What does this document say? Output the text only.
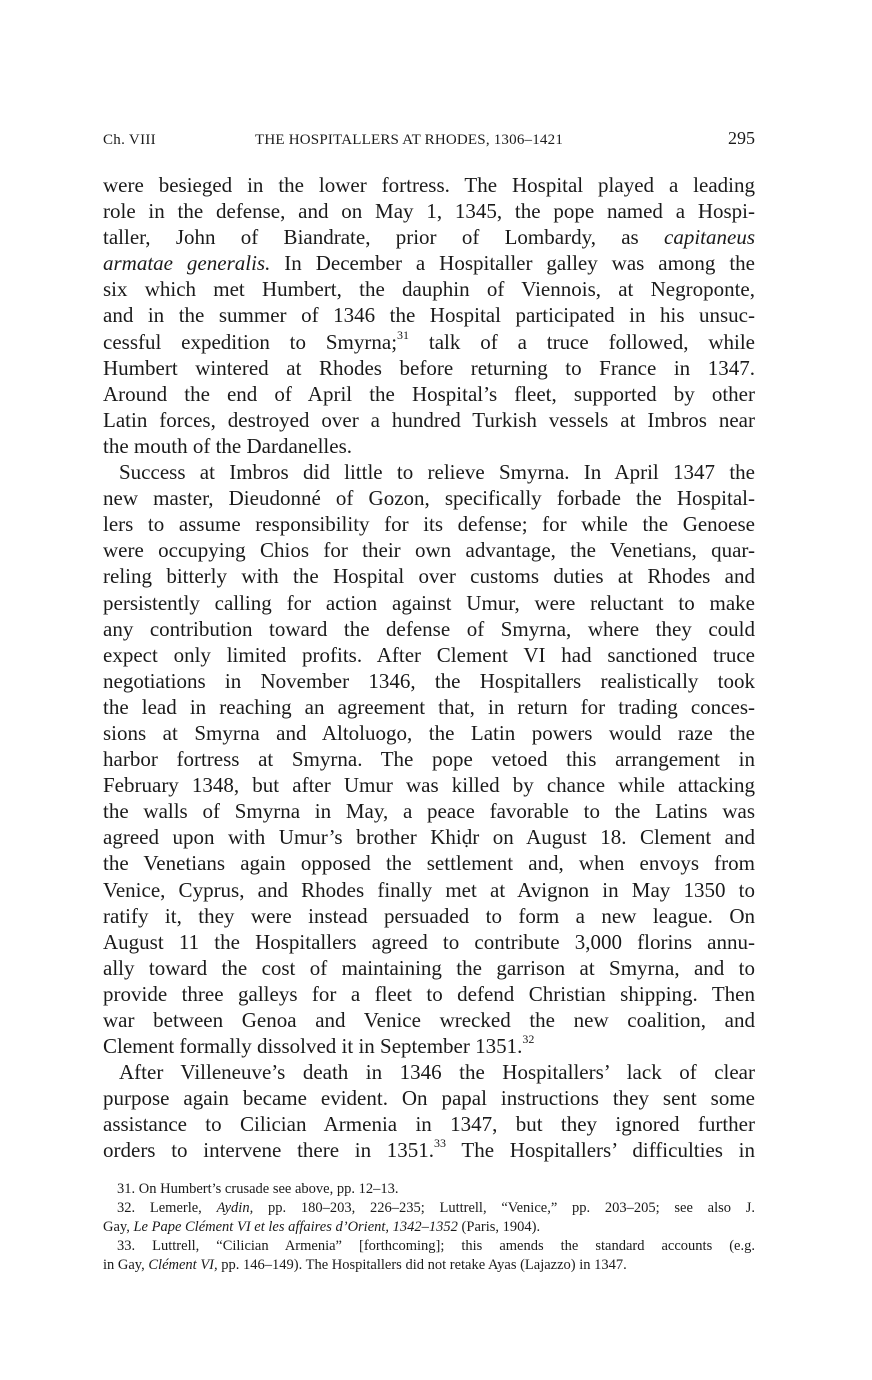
Ch. VIII	THE HOSPITALLERS AT RHODES, 1306–1421	295
were besieged in the lower fortress. The Hospital played a leading
role in the defense, and on May 1, 1345, the pope named a Hospi-
taller, John of Biandrate, prior of Lombardy, as capitaneus
armatae generalis. In December a Hospitaller galley was among the
six which met Humbert, the dauphin of Viennois, at Negroponte,
and in the summer of 1346 the Hospital participated in his unsuc-
cessful expedition to Smyrna;$^{31}$ talk of a truce followed, while
Humbert wintered at Rhodes before returning to France in 1347.
Around the end of April the Hospital’s fleet, supported by other
Latin forces, destroyed over a hundred Turkish vessels at Imbros near
the mouth of the Dardanelles.
Success at Imbros did little to relieve Smyrna. In April 1347 the
new master, Dieudonné of Gozon, specifically forbade the Hospital-
lers to assume responsibility for its defense; for while the Genoese
were occupying Chios for their own advantage, the Venetians, quar-
reling bitterly with the Hospital over customs duties at Rhodes and
persistently calling for action against Umur, were reluctant to make
any contribution toward the defense of Smyrna, where they could
expect only limited profits. After Clement VI had sanctioned truce
negotiations in November 1346, the Hospitallers realistically took
the lead in reaching an agreement that, in return for trading conces-
sions at Smyrna and Altoluogo, the Latin powers would raze the
harbor fortress at Smyrna. The pope vetoed this arrangement in
February 1348, but after Umur was killed by chance while attacking
the walls of Smyrna in May, a peace favorable to the Latins was
agreed upon with Umur’s brother Khiḍr on August 18. Clement and
the Venetians again opposed the settlement and, when envoys from
Venice, Cyprus, and Rhodes finally met at Avignon in May 1350 to
ratify it, they were instead persuaded to form a new league. On
August 11 the Hospitallers agreed to contribute 3,000 florins annu-
ally toward the cost of maintaining the garrison at Smyrna, and to
provide three galleys for a fleet to defend Christian shipping. Then
war between Genoa and Venice wrecked the new coalition, and
Clement formally dissolved it in September 1351.32
After Villeneuve’s death in 1346 the Hospitallers’ lack of clear
purpose again became evident. On papal instructions they sent some
assistance to Cilician Armenia in 1347, but they ignored further
orders to intervene there in 1351.33 The Hospitallers’ difficulties in
31. On Humbert’s crusade see above, pp. 12–13.
32. Lemerle, Aydin, pp. 180–203, 226–235; Luttrell, “Venice,” pp. 203–205; see also J.
Gay, Le Pape Clément VI et les affaires d’Orient, 1342–1352 (Paris, 1904).
33. Luttrell, “Cilician Armenia” [forthcoming]; this amends the standard accounts (e.g.
in Gay, Clément VI, pp. 146–149). The Hospitallers did not retake Ayas (Lajazzo) in 1347.
